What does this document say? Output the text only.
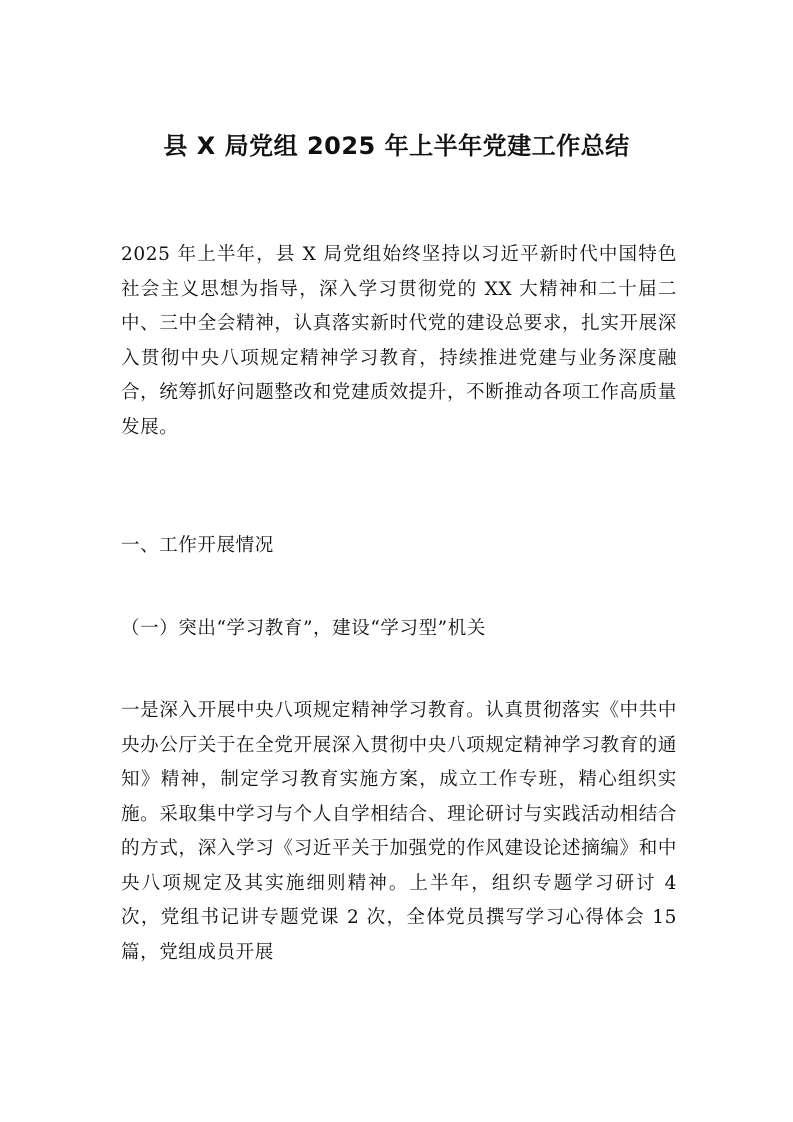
县 X 局党组 2025 年上半年党建工作总结

2025 年上半年，县 X 局党组始终坚持以习近平新时代中国特色社会主义思想为指导，深入学习贯彻党的 XX 大精神和二十届二中、三中全会精神，认真落实新时代党的建设总要求，扎实开展深入贯彻中央八项规定精神学习教育，持续推进党建与业务深度融合，统筹抓好问题整改和党建质效提升，不断推动各项工作高质量发展。

一、工作开展情况

（一）突出“学习教育”，建设“学习型”机关

一是深入开展中央八项规定精神学习教育。认真贯彻落实《中共中央办公厅关于在全党开展深入贯彻中央八项规定精神学习教育的通知》精神，制定学习教育实施方案，成立工作专班，精心组织实施。采取集中学习与个人自学相结合、理论研讨与实践活动相结合的方式，深入学习《习近平关于加强党的作风建设论述摘编》和中央八项规定及其实施细则精神。上半年，组织专题学习研讨 4 次，党组书记讲专题党课 2 次，全体党员撰写学习心得体会 15 篇，党组成员开展
